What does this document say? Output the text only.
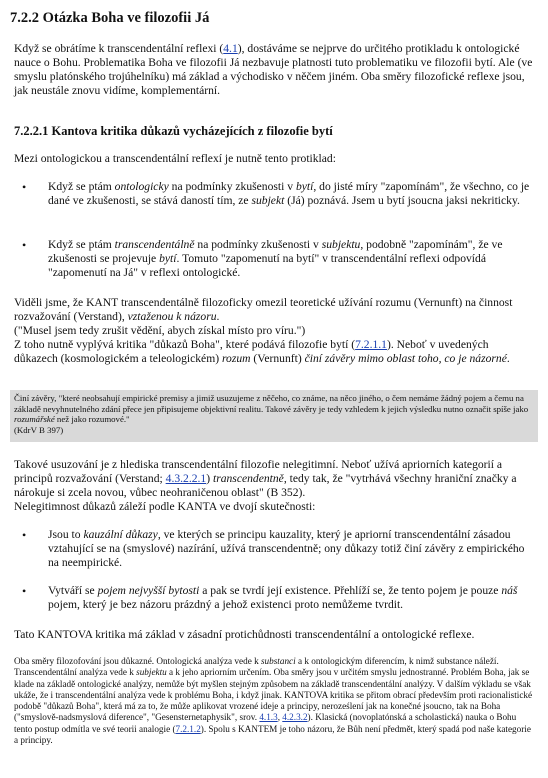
7.2.2 Otázka Boha ve filozofii Já

Když se obrátíme k transcendentální reflexi (4.1), dostáváme se nejprve do určitého protikladu k ontologické nauce o Bohu. Problematika Boha ve filozofii Já nezbavuje platnosti tuto problematiku ve filozofii bytí. Ale (ve smyslu platónského trojúhelníku) má základ a východisko v něčem jiném. Oba směry filozofické reflexe jsou, jak neustále znovu vidíme, komplementární.

7.2.2.1 Kantova kritika důkazů vycházejících z filozofie bytí

Mezi ontologickou a transcendentální reflexí je nutně tento protiklad:

• Když se ptám ontologicky na podmínky zkušenosti v bytí, do jisté míry "zapomínám", že všechno, co je dané ve zkušenosti, se stává daností tím, ze subjekt (Já) poznává. Jsem u bytí jsoucna jaksi nekriticky.
• Když se ptám transcendentálně na podmínky zkušenosti v subjektu, podobně "zapomínám", že ve zkušenosti se projevuje bytí. Tomuto "zapomenutí na bytí" v transcendentální reflexi odpovídá "zapomenutí na Já" v reflexi ontologické.

Viděli jsme, že KANT transcendentálně filozoficky omezil teoretické užívání rozumu (Vernunft) na činnost rozvažování (Verstand), vztaženou k názoru.
("Musel jsem tedy zrušit vědění, abych získal místo pro víru.")
Z toho nutně vyplývá kritika "důkazů Boha", které podává filozofie bytí (7.2.1.1). Neboť v uvedených důkazech (kosmologickém a teleologickém) rozum (Vernunft) činí závěry mimo oblast toho, co je názorné.

Činí závěry, "které neobsahují empirické premisy a jimiž usuzujeme z něčeho, co známe, na něco jiného, o čem nemáme žádný pojem a čemu na základě nevyhnutelného zdání přece jen připisujeme objektivní realitu. Takové závěry je tedy vzhledem k jejich výsledku nutno označit spíše jako rozumářské než jako rozumové."
(KdrV B 397)

Takové usuzování je z hlediska transcendentální filozofie nelegitimní. Neboť užívá apriorních kategorií a principů rozvažování (Verstand; 4.3.2.2.1) transcendentně, tedy tak, že "vytrhává všechny hraniční značky a nárokuje si zcela novou, vůbec neohraničenou oblast" (B 352).
Nelegitimnost důkazů záleží podle KANTA ve dvojí skutečnosti:

• Jsou to kauzální důkazy, ve kterých se principu kauzality, který je apriorní transcendentální zásadou vztahující se na (smyslové) nazírání, užívá transcendentně; ony důkazy totiž činí závěry z empirického na neempirické.
• Vytváří se pojem nejvyšší bytosti a pak se tvrdí její existence. Přehlíží se, že tento pojem je pouze náš pojem, který je bez názoru prázdný a jehož existenci proto nemůžeme tvrdit.

Tato KANTOVA kritika má základ v zásadní protichůdnosti transcendentální a ontologické reflexe.

Oba směry filozofování jsou důkazné. Ontologická analýza vede k substanci a k ontologickým diferencím, k nimž substance náleží. Transcendentální analýza vede k subjektu a k jeho apriorním určením. Oba směry jsou v určitém smyslu jednostranné. Problém Boha, jak se klade na základě ontologické analýzy, nemůže být myšlen stejným způsobem na základě transcendentální analýzy. V dalším výkladu se však ukáže, že i transcendentální analýza vede k problému Boha, i když jinak. KANTOVA kritika se přitom obrací především proti racionalistické podobě "důkazů Boha", která má za to, že může aplikovat vrozené ideje a principy, neroześlení jak na konečné jsoucno, tak na Boha ("smyslově-nadsmyslová diference", "Gesensternetaphysik", srov. 4.1.3, 4.2.3.2). Klasická (novoplatónská a scholastická) nauka o Bohu tento postup odmítla ve své teorii analogie (7.2.1.2). Spolu s KANTEM je toho názoru, že Bůh není předmět, který spadá pod naše kategorie a principy.
